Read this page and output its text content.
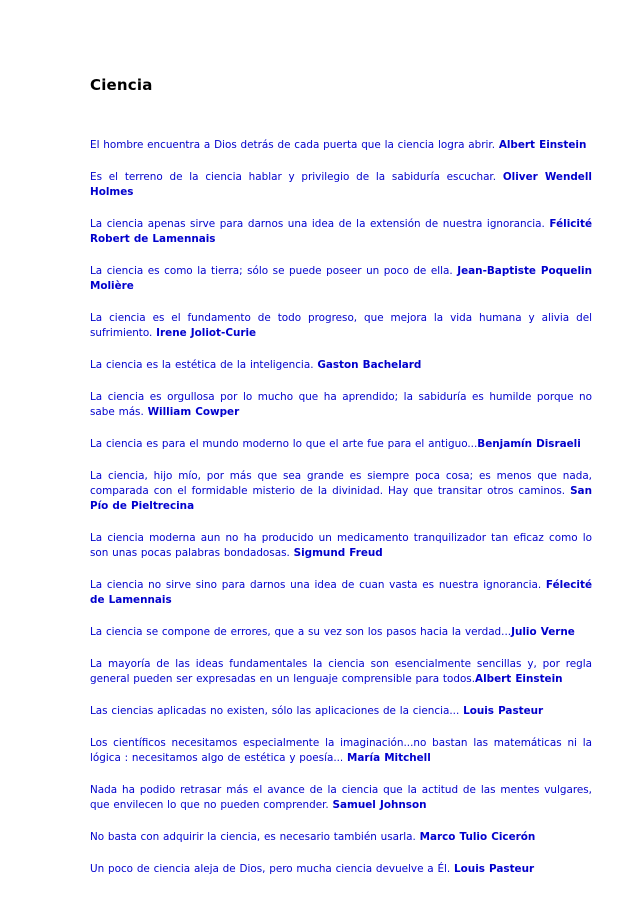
Ciencia

El hombre encuentra a Dios detrás de cada puerta que la ciencia logra abrir. Albert Einstein

Es el terreno de la ciencia hablar y privilegio de la sabiduría escuchar. Oliver Wendell Holmes

La ciencia apenas sirve para darnos una idea de la extensión de nuestra ignorancia. Félicité Robert de Lamennais

La ciencia es como la tierra; sólo se puede poseer un poco de ella. Jean-Baptiste Poquelin Molière

La ciencia es el fundamento de todo progreso, que mejora la vida humana y alivia del sufrimiento. Irene Joliot-Curie

La ciencia es la estética de la inteligencia. Gaston Bachelard

La ciencia es orgullosa por lo mucho que ha aprendido; la sabiduría es humilde porque no sabe más. William Cowper

La ciencia es para el mundo moderno lo que el arte fue para el antiguo...Benjamín Disraeli

La ciencia, hijo mío, por más que sea grande es siempre poca cosa; es menos que nada, comparada con el formidable misterio de la divinidad. Hay que transitar otros caminos. San Pío de Pieltrecina

La ciencia moderna aun no ha producido un medicamento tranquilizador tan eficaz como lo son unas pocas palabras bondadosas. Sigmund Freud

La ciencia no sirve sino para darnos una idea de cuan vasta es nuestra ignorancia. Félecité de Lamennais

La ciencia se compone de errores, que a su vez son los pasos hacia la verdad...Julio Verne

La mayoría de las ideas fundamentales la ciencia son esencialmente sencillas y, por regla general pueden ser expresadas en un lenguaje comprensible para todos.Albert Einstein

Las ciencias aplicadas no existen, sólo las aplicaciones de la ciencia... Louis Pasteur

Los científicos necesitamos especialmente la imaginación...no bastan las matemáticas ni la lógica : necesitamos algo de estética y poesía... María Mitchell

Nada ha podido retrasar más el avance de la ciencia que la actitud de las mentes vulgares, que envilecen lo que no pueden comprender. Samuel Johnson

No basta con adquirir la ciencia, es necesario también usarla. Marco Tulio Cicerón

Un poco de ciencia aleja de Dios, pero mucha ciencia devuelve a Él. Louis Pasteur
